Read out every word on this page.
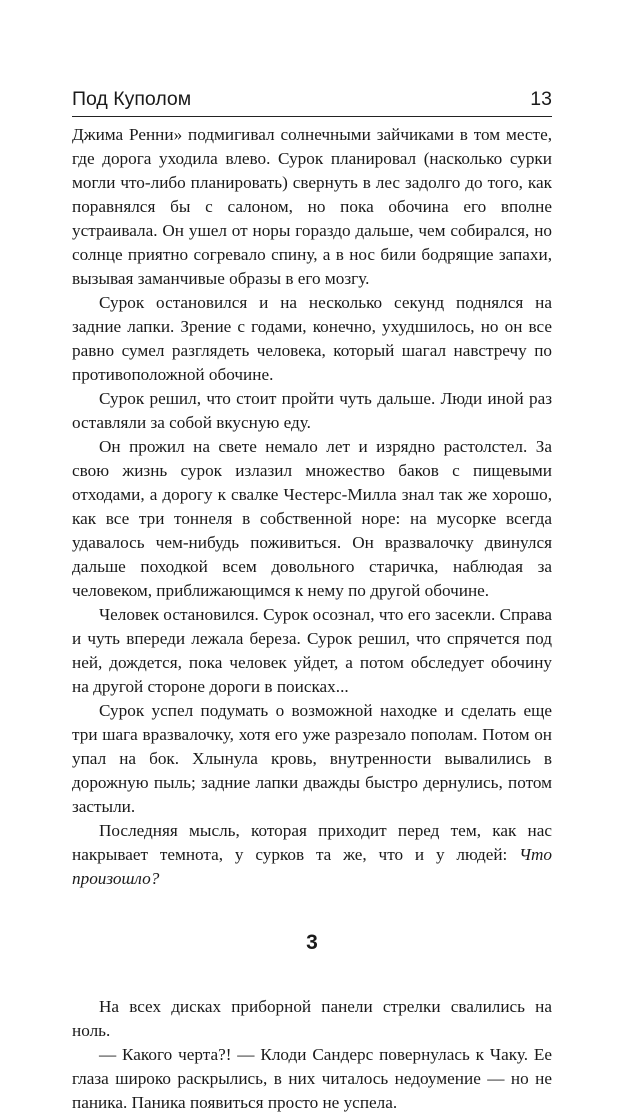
Под Куполом	13

Джима Ренни» подмигивал солнечными зайчиками в том месте, где дорога уходила влево. Сурок планировал (насколько сурки могли что-либо планировать) свернуть в лес задолго до того, как поравнялся бы с салоном, но пока обочина его вполне устраивала. Он ушел от норы гораздо дальше, чем собирался, но солнце приятно согревало спину, а в нос били бодрящие запахи, вызывая заманчивые образы в его мозгу.

Сурок остановился и на несколько секунд поднялся на задние лапки. Зрение с годами, конечно, ухудшилось, но он все равно сумел разглядеть человека, который шагал навстречу по противоположной обочине.

Сурок решил, что стоит пройти чуть дальше. Люди иной раз оставляли за собой вкусную еду.

Он прожил на свете немало лет и изрядно растолстел. За свою жизнь сурок излазил множество баков с пищевыми отходами, а дорогу к свалке Честерс-Милла знал так же хорошо, как все три тоннеля в собственной норе: на мусорке всегда удавалось чем-нибудь поживиться. Он вразвалочку двинулся дальше походкой всем довольного старичка, наблюдая за человеком, приближающимся к нему по другой обочине.

Человек остановился. Сурок осознал, что его засекли. Справа и чуть впереди лежала береза. Сурок решил, что спрячется под ней, дождется, пока человек уйдет, а потом обследует обочину на другой стороне дороги в поисках...

Сурок успел подумать о возможной находке и сделать еще три шага вразвалочку, хотя его уже разрезало пополам. Потом он упал на бок. Хлынула кровь, внутренности вывалились в дорожную пыль; задние лапки дважды быстро дернулись, потом застыли.

Последняя мысль, которая приходит перед тем, как нас накрывает темнота, у сурков та же, что и у людей: Что произошло?

3

На всех дисках приборной панели стрелки свалились на ноль.

— Какого черта?! — Клоди Сандерс повернулась к Чаку. Ее глаза широко раскрылись, в них читалось недоумение — но не паника. Паника появиться просто не успела.
